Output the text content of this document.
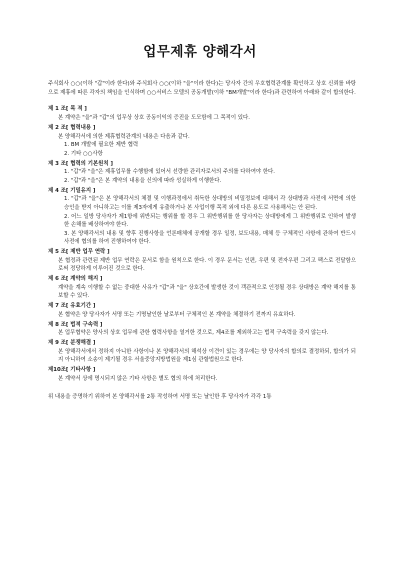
업무제휴 양해각서

주식회사 ○○(이하 "갑"이라 한다)와 주식회사 ○○(이하 "을"이라 한다)는 당사자 간의 우호협력관계를 확인하고 상호 신뢰를 바탕으로 제휴에 따른 각자의 책임을 인식하며 ○○서비스 모델의 공동개발(이하 "BM개발"이라 한다)과 관련하여 아래와 같이 합의한다.

제 1 조[ 목 적 ]

본 계약은 "을"과 "갑"의 업무상 상호 공동이익의 증진을 도모함에 그 목적이 있다.

제 2 조[ 협력내용 ]

본 양해각서에 의한 제휴협력관계의 내용은 다음과 같다.

1. BM 개발에 필요한 제반 협력

2. 기타 ○○사항

제 3 조[ 협력의 기본원칙 ]

1. "갑"과 "을"은 제휴업무를 수행함에 있어서 선량한 관리자로서의 주의를 다하여야 한다.

2. "갑"과 "을"은 본 계약의 내용을 신의에 따라 성실하게 이행한다.

제 4 조[ 기밀유지 ]

1. "갑"과 "을"은 본 양해각서의 체결 및 이행과정에서 취득한 상대방의 비밀정보에 대해서 각 상대방과 사전에 서면에 의한 승인을 받지 아니하고는 이를 제3자에게 유출하거나 본 사업이행 목적 외에 다른 용도로 사용해서는 안 된다.

2. 어느 일방 당사자가 제1항에 위반되는 행위를 할 경우 그 위반행위를 한 당사자는 상대방에게 그 위반행위로 인하여 발생한 손해를 배상하여야 한다.

3. 본 양해각서의 내용 및 향후 진행사항을 언론매체에 공개할 경우 일정, 보도내용, 매체 등 구체적인 사항에 관하여 반드시 사전에 협의를 하여 진행하여야 한다.

제 5 조[ 제반 업무 연락 ]

본 협정과 관련된 제반 업무 연락은 문서로 함을 원칙으로 한다. 이 경우 문서는 인편, 우편 및 전자우편 그리고 팩스로 전달함으로써 정당하게 이루어진 것으로 한다.

제 6 조[ 계약의 해지 ]

계약을 계속 이행할 수 없는 중대한 사유가 "갑"과 "을" 상호간에 발생한 것이 객관적으로 인정될 경우 상대방은 계약 해지를 통보할 수 있다.

제 7 조[ 유효기간 ]

본 협약은 양 당사자가 서명 또는 기명날인한 날로부터 구체적인 본 계약을 체결하기 전까지 유효하다.

제 8 조[ 법적 구속력 ]

본 업무협약은 양사의 상호 업무에 관한 협력사항을 열거한 것으로, 제4조를 제외하고는 법적 구속력을 갖지 않는다.

제 9 조[ 분쟁해결 ]

본 양해각서에서 정하지 아니한 사항이나 본 양해각서의 해석상 이견이 있는 경우에는 양 당사자의 합의로 결정하되, 합의가 되지 아니하여 소송이 제기될 경우 서울중앙지방법원을 제1심 관할법원으로 한다.

제10조[ 기타사항 ]

본 계약서 상에 명시되지 않은 기타 사항은 별도 협의 하에 처리한다.

위 내용을 증명하기 위하여 본 양해각서를 2통 작성하여 서명 또는 날인한 후 당사자가 각각 1통
